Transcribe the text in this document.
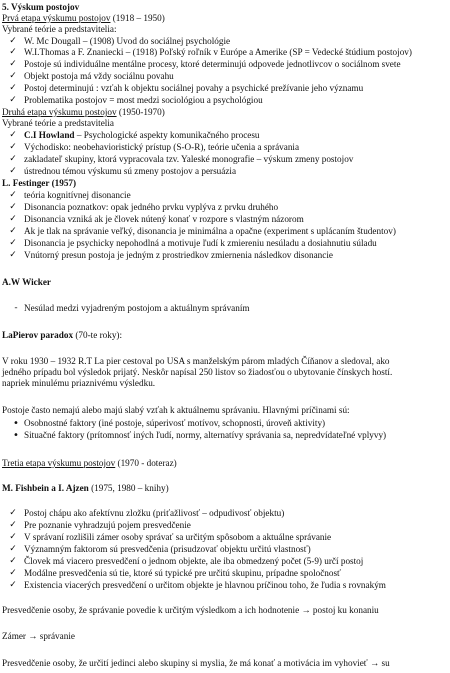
5. Výskum postojov
Prvá etapa výskumu postojov (1918 – 1950)
Vybrané teórie a predstavitelia:
✓ W. Mc Dougall – (1908) Uvod do sociálnej psychológie
✓ W.I.Thomas a F. Znaniecki – (1918) Poľský roľník v Európe a Amerike (SP = Vedecké štúdium postojov)
✓ Postoje sú individuálne mentálne procesy, ktoré determinujú odpovede jednotlivcov o sociálnom svete
✓ Objekt postoja má vždy sociálnu povahu
✓ Postoj determinujú : vzťah k objektu sociálnej povahy a psychické prežívanie jeho významu
✓ Problematika postojov = most medzi sociológiou a psychológiou
Druhá etapa výskumu postojov (1950-1970)
Vybrané teórie a predstavitelia
✓ C.I Howland – Psychologické aspekty komunikačného procesu
✓ Východisko: neobehavioristický prístup (S-O-R), teórie učenia a správania
✓ zakladateľ skupiny, ktorá vypracovala tzv. Yaleské monografie – výskum zmeny postojov
✓ ústrednou témou výskumu sú zmeny postojov a persuázia
L. Festinger (1957)
✓ teória kognitívnej disonancie
✓ Disonancia poznatkov: opak jedného prvku vyplýva z prvku druhého
✓ Disonancia vzniká ak je človek nútený konať v rozpore s vlastným názorom
✓ Ak je tlak na správanie veľký, disonancia je minimálna a opačne (experiment s uplácaním študentov)
✓ Disonancia je psychicky nepohodlná a motivuje ľudí k zmiereniu nesúladu a dosiahnutiu súladu
✓ Vnútorný presun postoja je jedným z prostriedkov zmiernenia následkov disonancie
A.W Wicker
- Nesúlad medzi vyjadreným postojom a aktuálnym správaním
LaPierov paradox (70-te roky):
V roku 1930 – 1932 R.T La pier cestoval po USA s manželským párom mladých Číňanov a sledoval, ako
jedného prípadu bol výsledok prijatý. Neskôr napísal 250 listov so žiadosťou o ubytovanie čínskych hostí.
napriek minulému priaznivému výsledku.
Postoje často nemajú alebo majú slabý vzťah k aktuálnemu správaniu. Hlavnými príčinami sú:
• Osobnostné faktory (iné postoje, súperivosť motívov, schopnosti, úroveň aktivity)
• Situačné faktory (prítomnosť iných ľudí, normy, alternatívy správania sa, nepredvídateľné vplyvy)
Tretia etapa výskumu postojov (1970 - doteraz)
M. Fishbein a I. Ajzen (1975, 1980 – knihy)
✓ Postoj chápu ako afektívnu zložku (priťažlivosť – odpudivosť objektu)
✓ Pre poznanie vyhradzujú pojem presvedčenie
✓ V správaní rozlišili zámer osoby správať sa určitým spôsobom a aktuálne správanie
✓ Významným faktorom sú presvedčenia (prisudzovať objektu určitú vlastnosť)
✓ Človek má viacero presvedčení o jednom objekte, ale iba obmedzený počet (5-9) určí postoj
✓ Modálne presvedčenia sú tie, ktoré sú typické pre určitú skupinu, prípadne spoločnosť
✓ Existencia viacerých presvedčení o určitom objekte je hlavnou príčinou toho, že ľudia s rovnakým
Presvedčenie osoby, že správanie povedie k určitým výsledkom a ich hodnotenie → postoj ku konaniu
Zámer → správanie
Presvedčenie osoby, že určití jedinci alebo skupiny si myslia, že má konať a motivácia im vyhovieť → su
